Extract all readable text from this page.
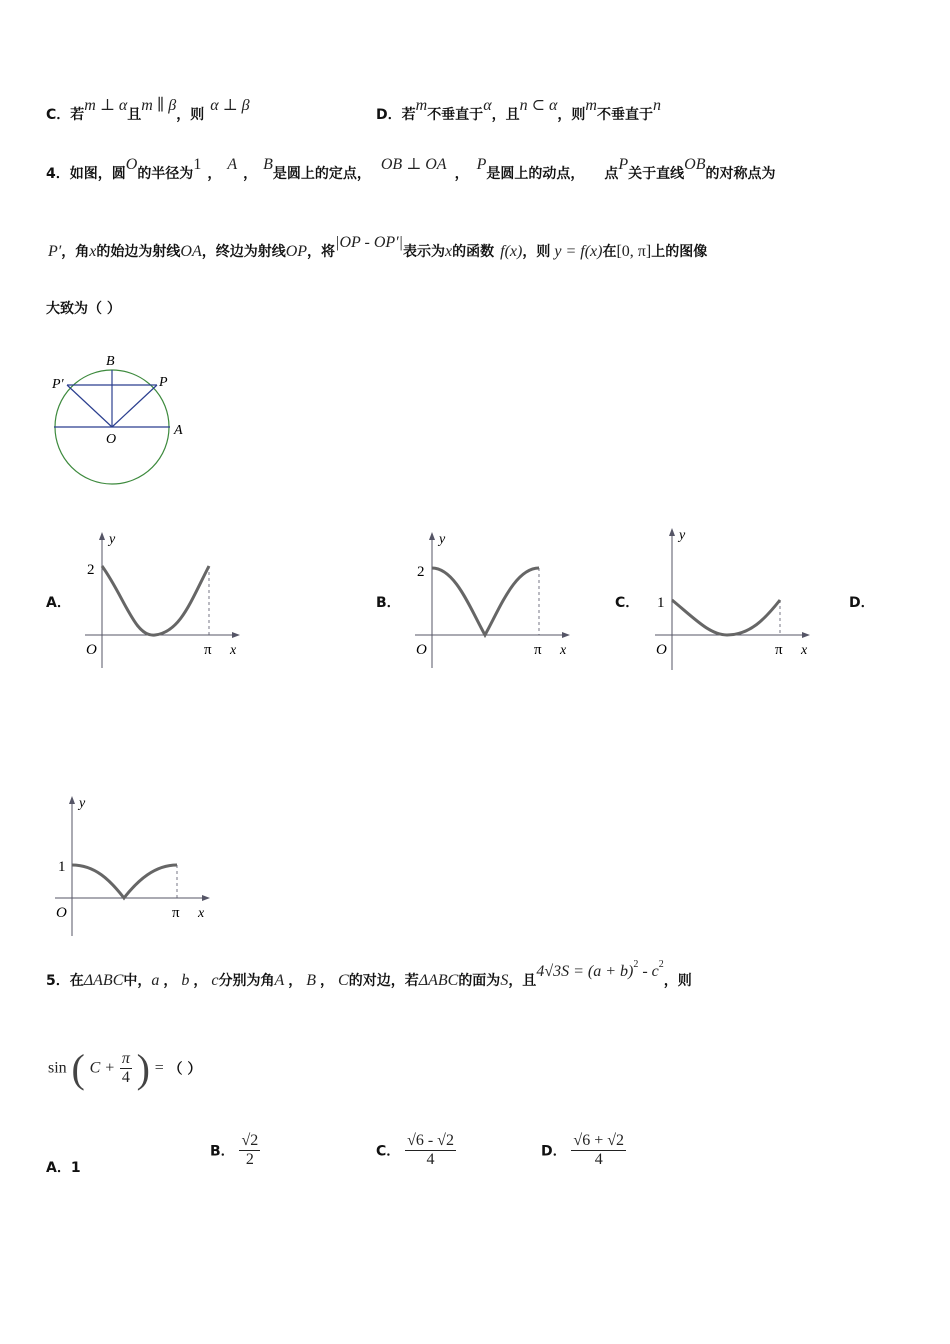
C．若m ⊥ α且m ∥ β，则α ⊥ β
D．若m不垂直于α，且n ⊂ α，则m不垂直于n
4．如图，圆O的半径为1，A，B是圆上的定点，OB ⊥ OA，P是圆上的动点， 点P关于直线OB的对称点为
P′，角x的始边为射线OA，终边为射线OP，将|OP - OP′|表示为x的函数 f(x)，则 y = f(x)在[0, π]上的图像
大致为（ ）
B
P′	P
O
A
A．
y
2
O	π x
B．
y
2
O	π x
C．
y
1
O	π x
D．
y
1
O	π x
5．在ΔABC中，a ， b ， c分别为角A ， B ， C的对边，若ΔABC的面为S，且$4√3S = (a + b)^2 - c^2$，则
sin ( $C + \frac{\pi}{4}$ ) = （ ）
A．1
B． $\frac{√2}{2}$	C． $\frac{√6 - √2}{4}$	D． $\frac{√6 + √2}{4}$
